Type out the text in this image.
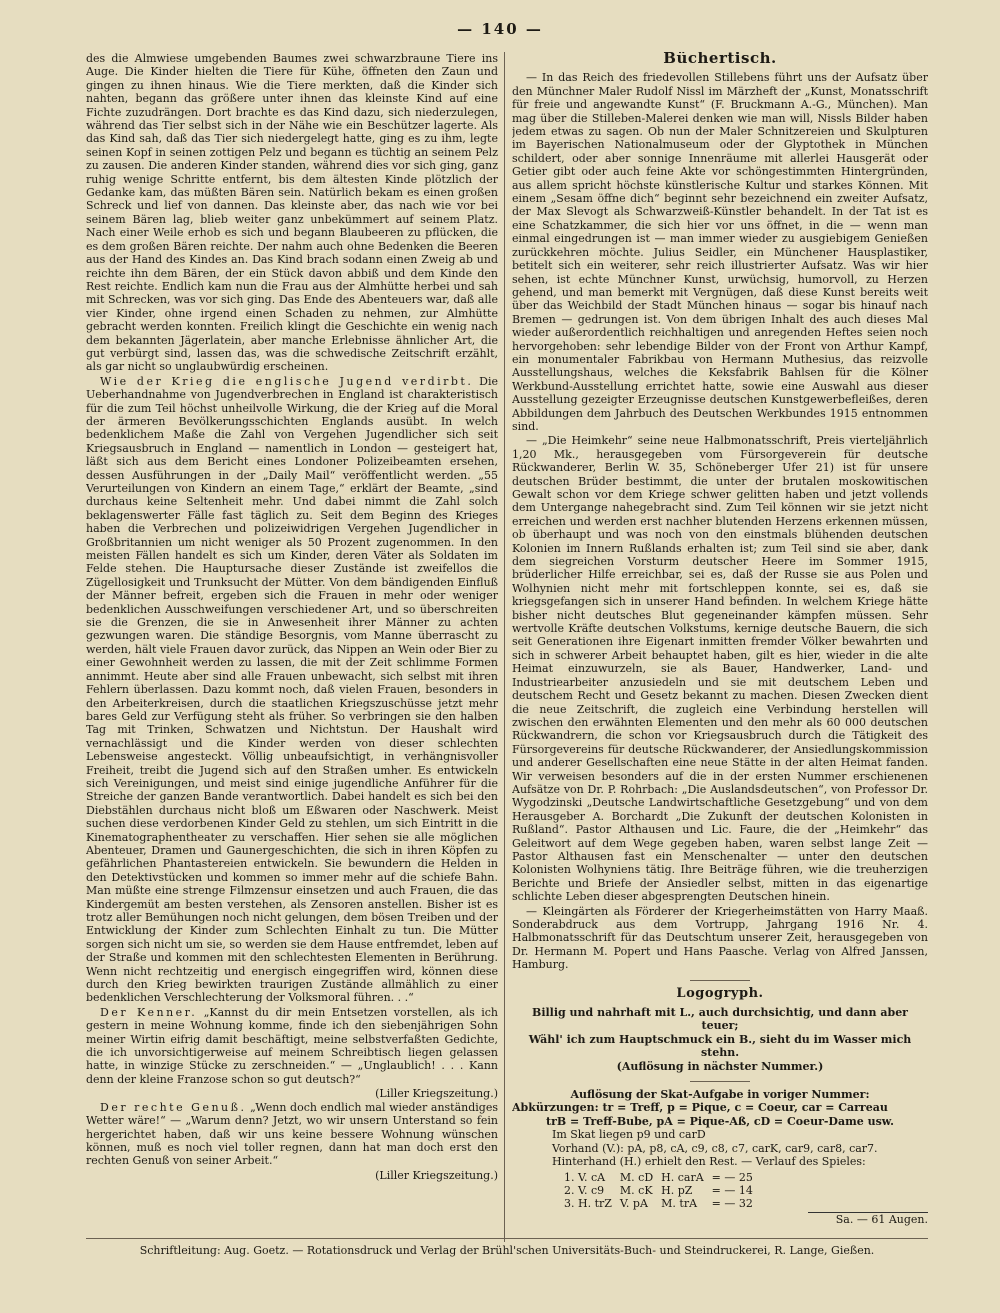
— 140 —

des die Almwiese umgebenden Baumes zwei schwarzbraune Tiere ins Auge. Die Kinder hielten die Tiere für Kühe, öffneten den Zaun und gingen zu ihnen hinaus. Wie die Tiere merkten, daß die Kinder sich nahten, begann das größere unter ihnen das kleinste Kind auf eine Fichte zuzudrängen. Dort brachte es das Kind dazu, sich niederzulegen, während das Tier selbst sich in der Nähe wie ein Beschützer lagerte. Als das Kind sah, daß das Tier sich niedergelegt hatte, ging es zu ihm, legte seinen Kopf in seinen zottigen Pelz und begann es tüchtig an seinem Pelz zu zausen. Die anderen Kinder standen, während dies vor sich ging, ganz ruhig wenige Schritte entfernt, bis dem ältesten Kinde plötzlich der Gedanke kam, das müßten Bären sein. Natürlich bekam es einen großen Schreck und lief von dannen. Das kleinste aber, das nach wie vor bei seinem Bären lag, blieb weiter ganz unbekümmert auf seinem Platz. Nach einer Weile erhob es sich und begann Blaubeeren zu pflücken, die es dem großen Bären reichte. Der nahm auch ohne Bedenken die Beeren aus der Hand des Kindes an. Das Kind brach sodann einen Zweig ab und reichte ihn dem Bären, der ein Stück davon abbiß und dem Kinde den Rest reichte. Endlich kam nun die Frau aus der Almhütte herbei und sah mit Schrecken, was vor sich ging. Das Ende des Abenteuers war, daß alle vier Kinder, ohne irgend einen Schaden zu nehmen, zur Almhütte gebracht werden konnten. Freilich klingt die Geschichte ein wenig nach dem bekannten Jägerlatein, aber manche Erlebnisse ähnlicher Art, die gut verbürgt sind, lassen das, was die schwedische Zeitschrift erzählt, als gar nicht so unglaubwürdig erscheinen.

Wie der Krieg die englische Jugend verdirbt. Die Ueberhandnahme von Jugendverbrechen in England ist charakteristisch für die zum Teil höchst unheilvolle Wirkung, die der Krieg auf die Moral der ärmeren Bevölkerungsschichten Englands ausübt. In welch bedenklichem Maße die Zahl von Vergehen Jugendlicher sich seit Kriegsausbruch in England — namentlich in London — gesteigert hat, läßt sich aus dem Bericht eines Londoner Polizeibeamten ersehen, dessen Ausführungen in der „Daily Mail“ veröffentlicht werden. „55 Verurteilungen von Kindern an einem Tage,“ erklärt der Beamte, „sind durchaus keine Seltenheit mehr. Und dabei nimmt die Zahl solch beklagenswerter Fälle fast täglich zu. Seit dem Beginn des Krieges haben die Verbrechen und polizeiwidrigen Vergehen Jugendlicher in Großbritannien um nicht weniger als 50 Prozent zugenommen. In den meisten Fällen handelt es sich um Kinder, deren Väter als Soldaten im Felde stehen. Die Hauptursache dieser Zustände ist zweifellos die Zügellosigkeit und Trunksucht der Mütter. Von dem bändigenden Einfluß der Männer befreit, ergeben sich die Frauen in mehr oder weniger bedenklichen Ausschweifungen verschiedener Art, und so überschreiten sie die Grenzen, die sie in Anwesenheit ihrer Männer zu achten gezwungen waren. Die ständige Besorgnis, vom Manne überrascht zu werden, hält viele Frauen davor zurück, das Nippen an Wein oder Bier zu einer Gewohnheit werden zu lassen, die mit der Zeit schlimme Formen annimmt. Heute aber sind alle Frauen unbewacht, sich selbst mit ihren Fehlern überlassen. Dazu kommt noch, daß vielen Frauen, besonders in den Arbeiterkreisen, durch die staatlichen Kriegszuschüsse jetzt mehr bares Geld zur Verfügung steht als früher. So verbringen sie den halben Tag mit Trinken, Schwatzen und Nichtstun. Der Haushalt wird vernachlässigt und die Kinder werden von dieser schlechten Lebensweise angesteckt. Völlig unbeaufsichtigt, in verhängnisvoller Freiheit, treibt die Jugend sich auf den Straßen umher. Es entwickeln sich Vereinigungen, und meist sind einige jugendliche Anführer für die Streiche der ganzen Bande verantwortlich. Dabei handelt es sich bei den Diebstählen durchaus nicht bloß um Eßwaren oder Naschwerk. Meist suchen diese verdorbenen Kinder Geld zu stehlen, um sich Eintritt in die Kinematographentheater zu verschaffen. Hier sehen sie alle möglichen Abenteuer, Dramen und Gaunergeschichten, die sich in ihren Köpfen zu gefährlichen Phantastereien entwickeln. Sie bewundern die Helden in den Detektivstücken und kommen so immer mehr auf die schiefe Bahn. Man müßte eine strenge Filmzensur einsetzen und auch Frauen, die das Kindergemüt am besten verstehen, als Zensoren anstellen. Bisher ist es trotz aller Bemühungen noch nicht gelungen, dem bösen Treiben und der Entwicklung der Kinder zum Schlechten Einhalt zu tun. Die Mütter sorgen sich nicht um sie, so werden sie dem Hause entfremdet, leben auf der Straße und kommen mit den schlechtesten Elementen in Berührung. Wenn nicht rechtzeitig und energisch eingegriffen wird, können diese durch den Krieg bewirkten traurigen Zustände allmählich zu einer bedenklichen Verschlechterung der Volksmoral führen. . .“

Der Kenner. „Kannst du dir mein Entsetzen vorstellen, als ich gestern in meine Wohnung komme, finde ich den siebenjährigen Sohn meiner Wirtin eifrig damit beschäftigt, meine selbstverfaßten Gedichte, die ich unvorsichtigerweise auf meinem Schreibtisch liegen gelassen hatte, in winzige Stücke zu zerschneiden.“ — „Unglaublich! . . . Kann denn der kleine Franzose schon so gut deutsch?“

(Liller Kriegszeitung.)

Der rechte Genuß. „Wenn doch endlich mal wieder anständiges Wetter wäre!“ — „Warum denn? Jetzt, wo wir unsern Unterstand so fein hergerichtet haben, daß wir uns keine bessere Wohnung wünschen können, muß es noch viel toller regnen, dann hat man doch erst den rechten Genuß von seiner Arbeit.“

(Liller Kriegszeitung.)
Büchertisch.

— In das Reich des friedevollen Stillebens führt uns der Aufsatz über den Münchner Maler Rudolf Nissl im Märzheft der „Kunst, Monatsschrift für freie und angewandte Kunst“ (F. Bruckmann A.-G., München). Man mag über die Stilleben-Malerei denken wie man will, Nissls Bilder haben jedem etwas zu sagen. Ob nun der Maler Schnitzereien und Skulpturen im Bayerischen Nationalmuseum oder der Glyptothek in München schildert, oder aber sonnige Innenräume mit allerlei Hausgerät oder Getier gibt oder auch feine Akte vor schöngestimmten Hintergründen, aus allem spricht höchste künstlerische Kultur und starkes Können. Mit einem „Sesam öffne dich“ beginnt sehr bezeichnend ein zweiter Aufsatz, der Max Slevogt als Schwarzweiß-Künstler behandelt. In der Tat ist es eine Schatzkammer, die sich hier vor uns öffnet, in die — wenn man einmal eingedrungen ist — man immer wieder zu ausgiebigem Genießen zurückkehren möchte. Julius Seidler, ein Münchener Hausplastiker, betitelt sich ein weiterer, sehr reich illustrierter Aufsatz. Was wir hier sehen, ist echte Münchner Kunst, urwüchsig, humorvoll, zu Herzen gehend, und man bemerkt mit Vergnügen, daß diese Kunst bereits weit über das Weichbild der Stadt München hinaus — sogar bis hinauf nach Bremen — gedrungen ist. Von dem übrigen Inhalt des auch dieses Mal wieder außerordentlich reichhaltigen und anregenden Heftes seien noch hervorgehoben: sehr lebendige Bilder von der Front von Arthur Kampf, ein monumentaler Fabrikbau von Hermann Muthesius, das reizvolle Ausstellungshaus, welches die Keksfabrik Bahlsen für die Kölner Werkbund-Ausstellung errichtet hatte, sowie eine Auswahl aus dieser Ausstellung gezeigter Erzeugnisse deutschen Kunstgewerbefleißes, deren Abbildungen dem Jahrbuch des Deutschen Werkbundes 1915 entnommen sind.

— „Die Heimkehr“ seine neue Halbmonatsschrift, Preis vierteljährlich 1,20 Mk., herausgegeben vom Fürsorgeverein für deutsche Rückwanderer, Berlin W. 35, Schöneberger Ufer 21) ist für unsere deutschen Brüder bestimmt, die unter der brutalen moskowitischen Gewalt schon vor dem Kriege schwer gelitten haben und jetzt vollends dem Untergange nahegebracht sind. Zum Teil können wir sie jetzt nicht erreichen und werden erst nachher blutenden Herzens erkennen müssen, ob überhaupt und was noch von den einstmals blühenden deutschen Kolonien im Innern Rußlands erhalten ist; zum Teil sind sie aber, dank dem siegreichen Vorsturm deutscher Heere im Sommer 1915, brüderlicher Hilfe erreichbar, sei es, daß der Russe sie aus Polen und Wolhynien nicht mehr mit fortschleppen konnte, sei es, daß sie kriegsgefangen sich in unserer Hand befinden. In welchem Kriege hätte bisher nicht deutsches Blut gegeneinander kämpfen müssen. Sehr wertvolle Kräfte deutschen Volkstums, kernige deutsche Bauern, die sich seit Generationen ihre Eigenart inmitten fremder Völker bewahrten und sich in schwerer Arbeit behauptet haben, gilt es hier, wieder in die alte Heimat einzuwurzeln, sie als Bauer, Handwerker, Land- und Industriearbeiter anzusiedeln und sie mit deutschem Leben und deutschem Recht und Gesetz bekannt zu machen. Diesen Zwecken dient die neue Zeitschrift, die zugleich eine Verbindung herstellen will zwischen den erwähnten Elementen und den mehr als 60 000 deutschen Rückwandrern, die schon vor Kriegsausbruch durch die Tätigkeit des Fürsorgevereins für deutsche Rückwanderer, der Ansiedlungskommission und anderer Gesellschaften eine neue Stätte in der alten Heimat fanden. Wir verweisen besonders auf die in der ersten Nummer erschienenen Aufsätze von Dr. P. Rohrbach: „Die Auslandsdeutschen“, von Professor Dr. Wygodzinski „Deutsche Landwirtschaftliche Gesetzgebung“ und von dem Herausgeber A. Borchardt „Die Zukunft der deutschen Kolonisten in Rußland“. Pastor Althausen und Lic. Faure, die der „Heimkehr“ das Geleitwort auf dem Wege gegeben haben, waren selbst lange Zeit — Pastor Althausen fast ein Menschenalter — unter den deutschen Kolonisten Wolhyniens tätig. Ihre Beiträge führen, wie die treuherzigen Berichte und Briefe der Ansiedler selbst, mitten in das eigenartige schlichte Leben dieser abgesprengten Deutschen hinein.

— Kleingärten als Förderer der Kriegerheimstätten von Harry Maaß. Sonderabdruck aus dem Vortrupp, Jahrgang 1916 Nr. 4. Halbmonatsschrift für das Deutschtum unserer Zeit, herausgegeben von Dr. Hermann M. Popert und Hans Paasche. Verlag von Alfred Janssen, Hamburg.

Logogryph.
Billig und nahrhaft mit L., auch durchsichtig, und dann aber teuer;
Wähl' ich zum Hauptschmuck ein B., sieht du im Wasser mich stehn.
(Auflösung in nächster Nummer.)
Auflösung der Skat-Aufgabe in voriger Nummer:
Abkürzungen: tr = Treff, p = Pique, c = Coeur, car = Carreau
trB = Treff-Bube, pA = Pique-Aß, cD = Coeur-Dame usw.
Im Skat liegen p9 und carD
Vorhand (V.): pA, p8, cA, c9, c8, c7, carK, car9, car8, car7.
Hinterhand (H.) erhielt den Rest. — Verlauf des Spieles:
1. V. cA	M. cD	H. carA	= — 25
2. V. c9	M. cK	H. pZ	= — 14
3. H. trZ	V. pA	M. trA	= — 32
Sa. — 61 Augen.
Schriftleitung: Aug. Goetz. — Rotationsdruck und Verlag der Brühl'schen Universitäts-Buch- und Steindruckerei, R. Lange, Gießen.
